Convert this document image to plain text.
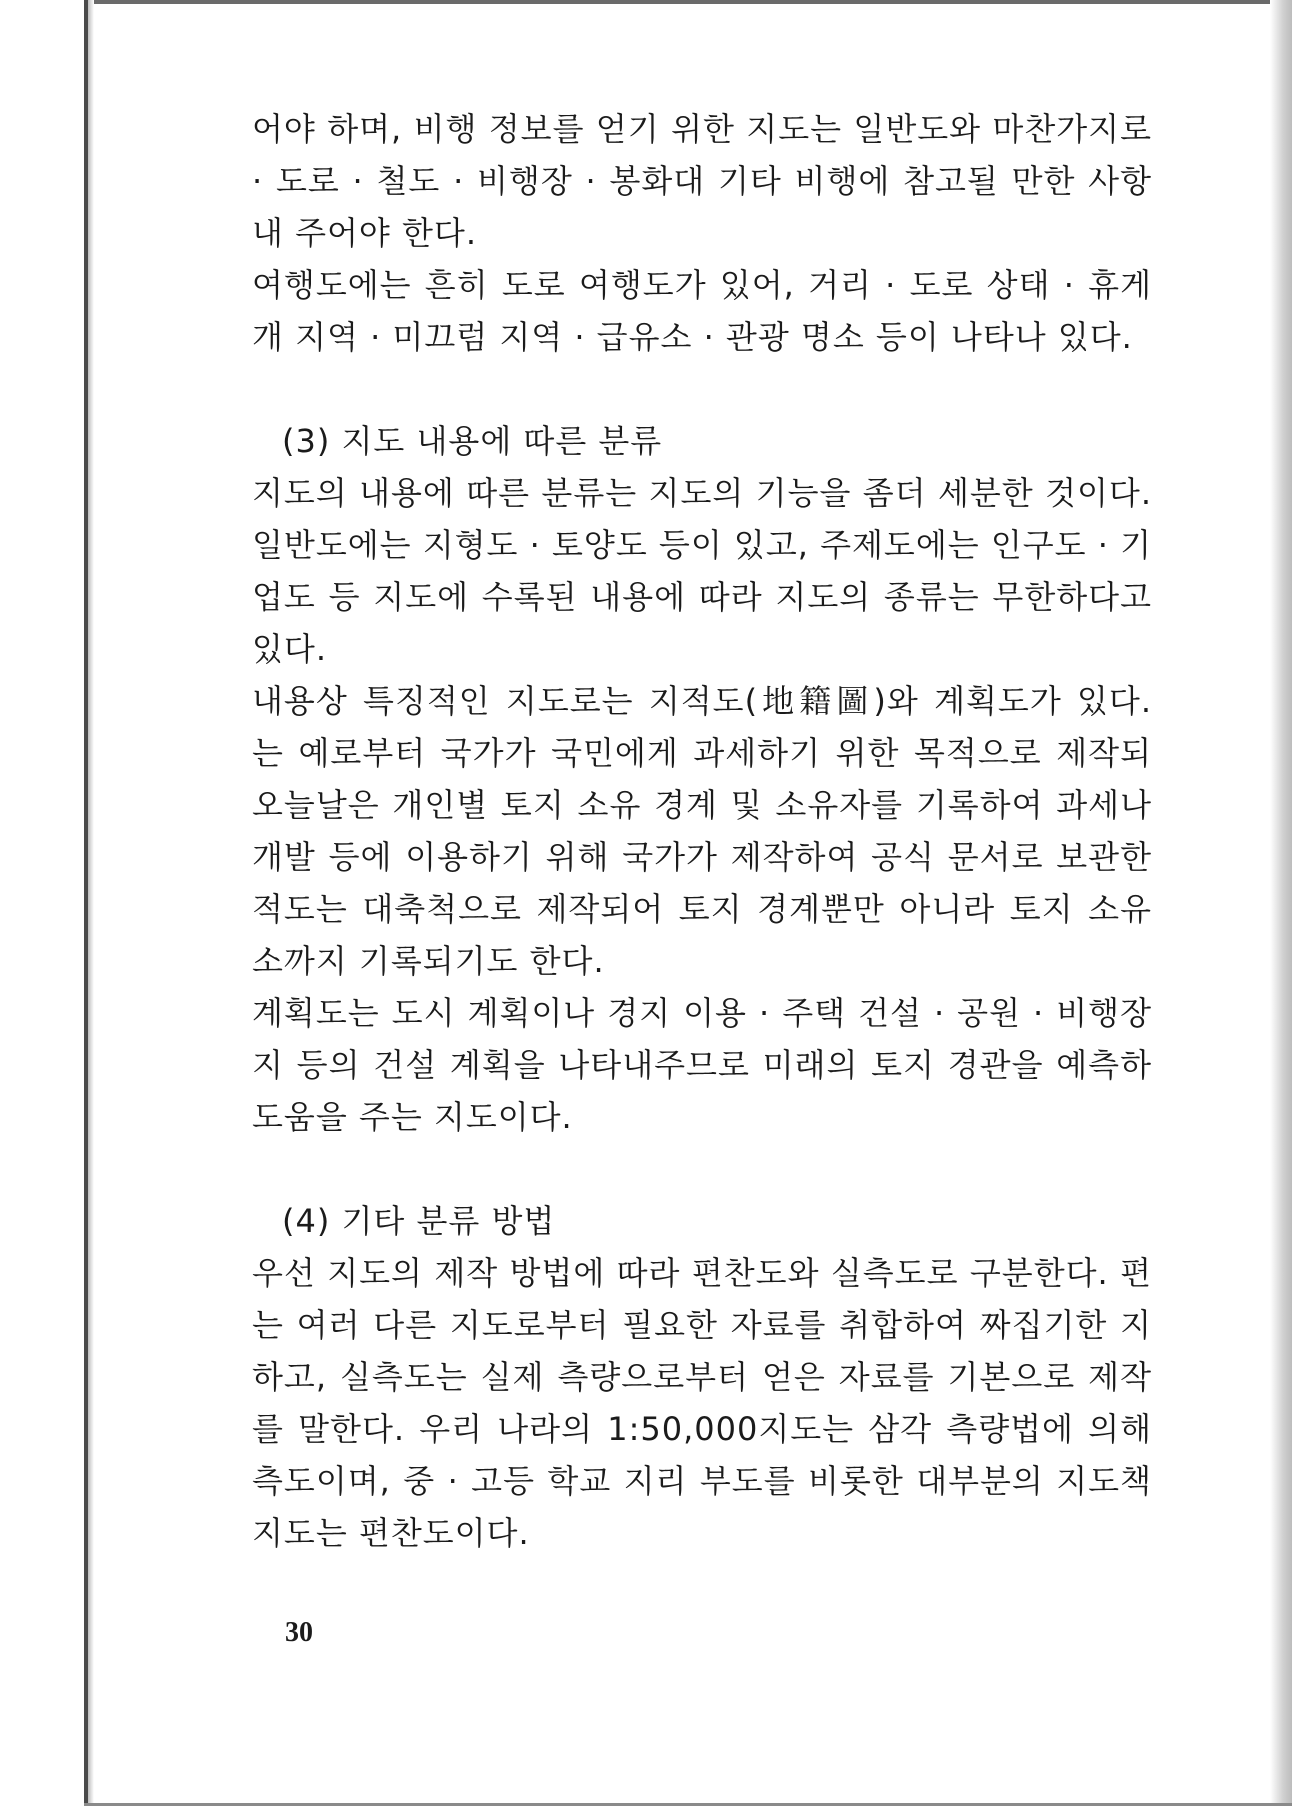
어야 하며, 비행 정보를 얻기 위한 지도는 일반도와 마찬가지로
· 도로 · 철도 · 비행장 · 봉화대 기타 비행에 참고될 만한 사항
내 주어야 한다.
여행도에는 흔히 도로 여행도가 있어, 거리 · 도로 상태 · 휴게
개 지역 · 미끄럼 지역 · 급유소 · 관광 명소 등이 나타나 있다.
(3) 지도 내용에 따른 분류
지도의 내용에 따른 분류는 지도의 기능을 좀더 세분한 것이다.
일반도에는 지형도 · 토양도 등이 있고, 주제도에는 인구도 · 기
업도 등 지도에 수록된 내용에 따라 지도의 종류는 무한하다고
있다.
내용상 특징적인 지도로는 지적도(地籍圖)와 계획도가 있다.
는 예로부터 국가가 국민에게 과세하기 위한 목적으로 제작되
오늘날은 개인별 토지 소유 경계 및 소유자를 기록하여 과세나
개발 등에 이용하기 위해 국가가 제작하여 공식 문서로 보관한
적도는 대축척으로 제작되어 토지 경계뿐만 아니라 토지 소유
소까지 기록되기도 한다.
계획도는 도시 계획이나 경지 이용 · 주택 건설 · 공원 · 비행장
지 등의 건설 계획을 나타내주므로 미래의 토지 경관을 예측하
도움을 주는 지도이다.
(4) 기타 분류 방법
우선 지도의 제작 방법에 따라 편찬도와 실측도로 구분한다. 편
는 여러 다른 지도로부터 필요한 자료를 취합하여 짜집기한 지
하고, 실측도는 실제 측량으로부터 얻은 자료를 기본으로 제작
를 말한다. 우리 나라의 1:50,000지도는 삼각 측량법에 의해
측도이며, 중 · 고등 학교 지리 부도를 비롯한 대부분의 지도책
지도는 편찬도이다.
30
